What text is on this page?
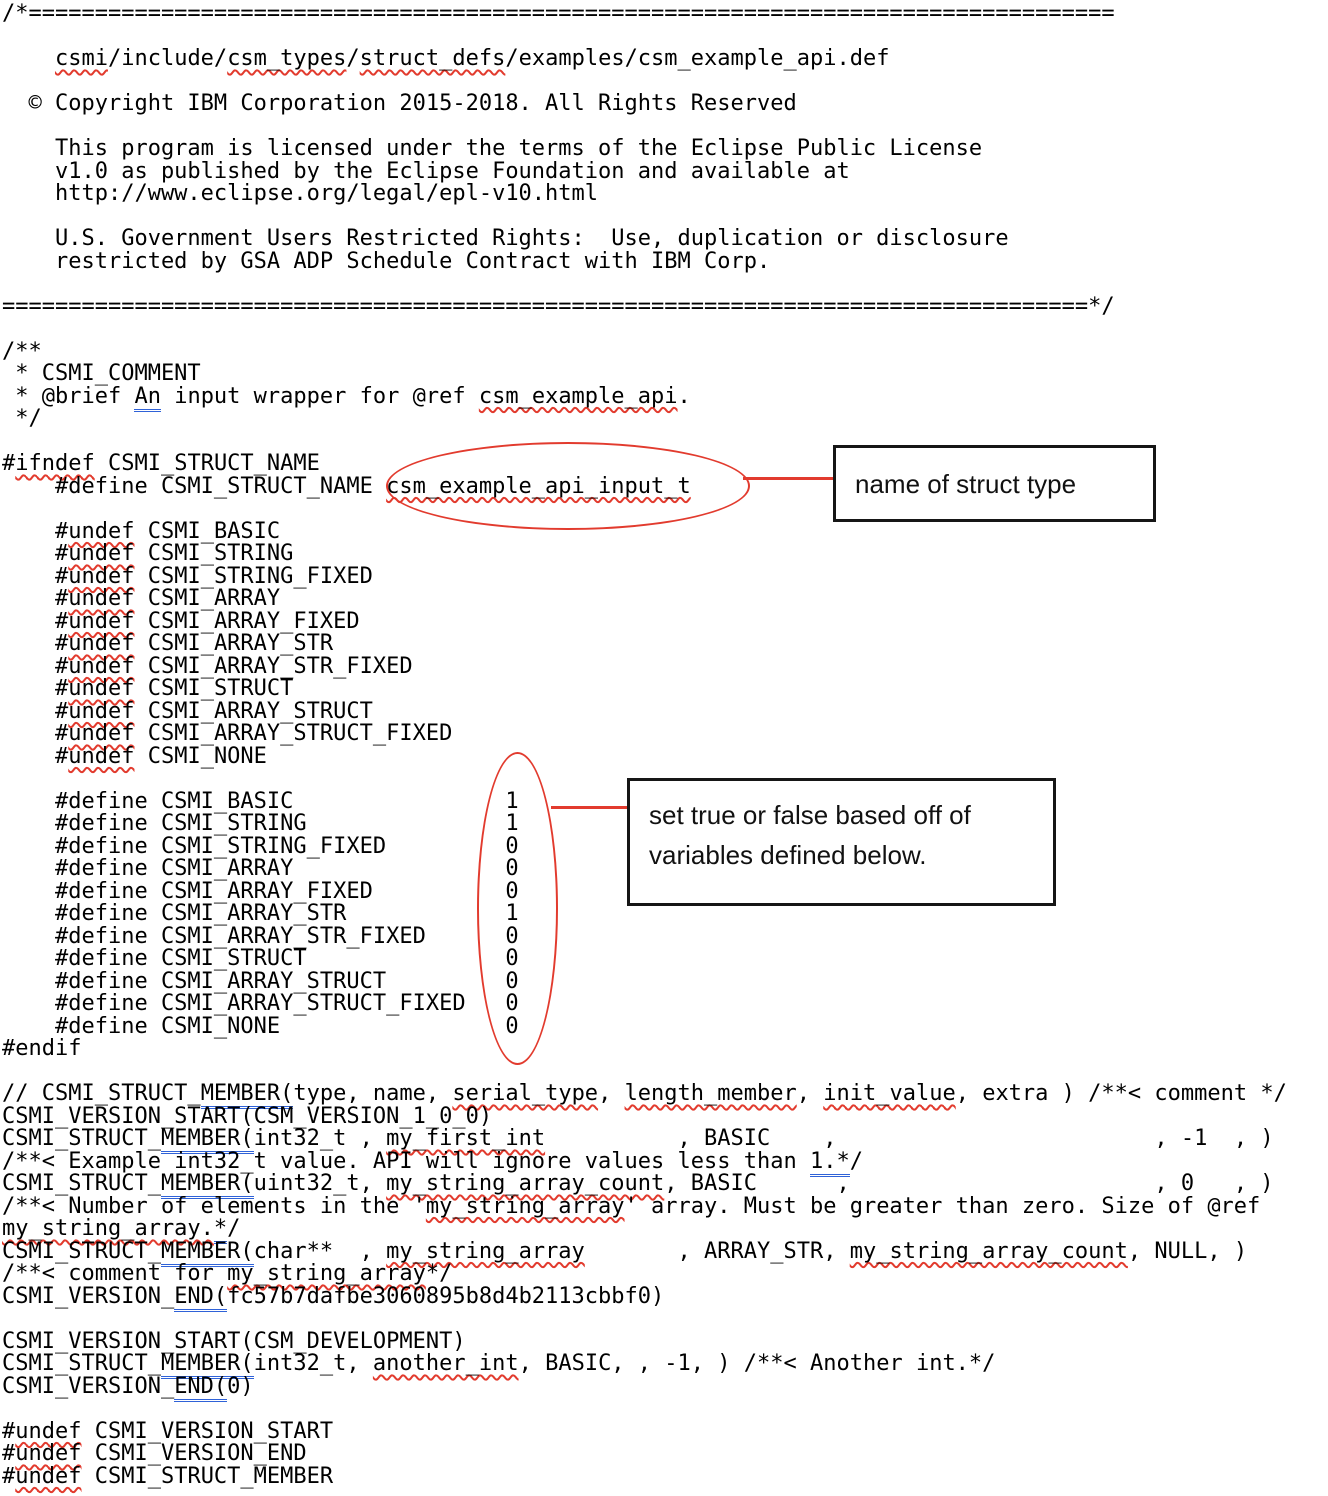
/*==================================================================================
csmi/include/csm_types/struct_defs/examples/csm_example_api.def
© Copyright IBM Corporation 2015-2018. All Rights Reserved
This program is licensed under the terms of the Eclipse Public License
v1.0 as published by the Eclipse Foundation and available at
http://www.eclipse.org/legal/epl-v10.html
U.S. Government Users Restricted Rights:  Use, duplication or disclosure
restricted by GSA ADP Schedule Contract with IBM Corp.
==================================================================================*/
/**
* CSMI_COMMENT
* @brief An input wrapper for @ref csm_example_api.
*/
#ifndef CSMI_STRUCT_NAME
#define CSMI_STRUCT_NAME csm_example_api_input_t
#undef CSMI_BASIC
#undef CSMI_STRING
#undef CSMI_STRING_FIXED
#undef CSMI_ARRAY
#undef CSMI_ARRAY_FIXED
#undef CSMI_ARRAY_STR
#undef CSMI_ARRAY_STR_FIXED
#undef CSMI_STRUCT
#undef CSMI_ARRAY_STRUCT
#undef CSMI_ARRAY_STRUCT_FIXED
#undef CSMI_NONE
#define CSMI_BASIC                1
#define CSMI_STRING               1
#define CSMI_STRING_FIXED         0
#define CSMI_ARRAY                0
#define CSMI_ARRAY_FIXED          0
#define CSMI_ARRAY_STR            1
#define CSMI_ARRAY_STR_FIXED      0
#define CSMI_STRUCT               0
#define CSMI_ARRAY_STRUCT         0
#define CSMI_ARRAY_STRUCT_FIXED   0
#define CSMI_NONE                 0
#endif
// CSMI_STRUCT_MEMBER(type, name, serial_type, length_member, init_value, extra ) /**< comment */
CSMI_VERSION_START(CSM_VERSION_1_0_0)
CSMI_STRUCT_MEMBER(int32_t , my_first_int          , BASIC    ,                        , -1  , )
/**< Example int32_t value. API will ignore values less than 1.*/
CSMI_STRUCT_MEMBER(uint32_t, my_string_array_count, BASIC      ,                       , 0   , )
/**< Number of elements in the 'my_string_array' array. Must be greater than zero. Size of @ref
my_string_array.*/
CSMI_STRUCT_MEMBER(char**  , my_string_array       , ARRAY_STR, my_string_array_count, NULL, )
/**< comment for my_string_array*/
CSMI_VERSION_END(fc57b7dafbe3060895b8d4b2113cbbf0)
CSMI_VERSION_START(CSM_DEVELOPMENT)
CSMI_STRUCT_MEMBER(int32_t, another_int, BASIC, , -1, ) /**< Another int.*/
CSMI_VERSION_END(0)
#undef CSMI_VERSION_START
#undef CSMI_VERSION_END
#undef CSMI_STRUCT_MEMBER
name of struct type
set true or false based off of
variables defined below.
